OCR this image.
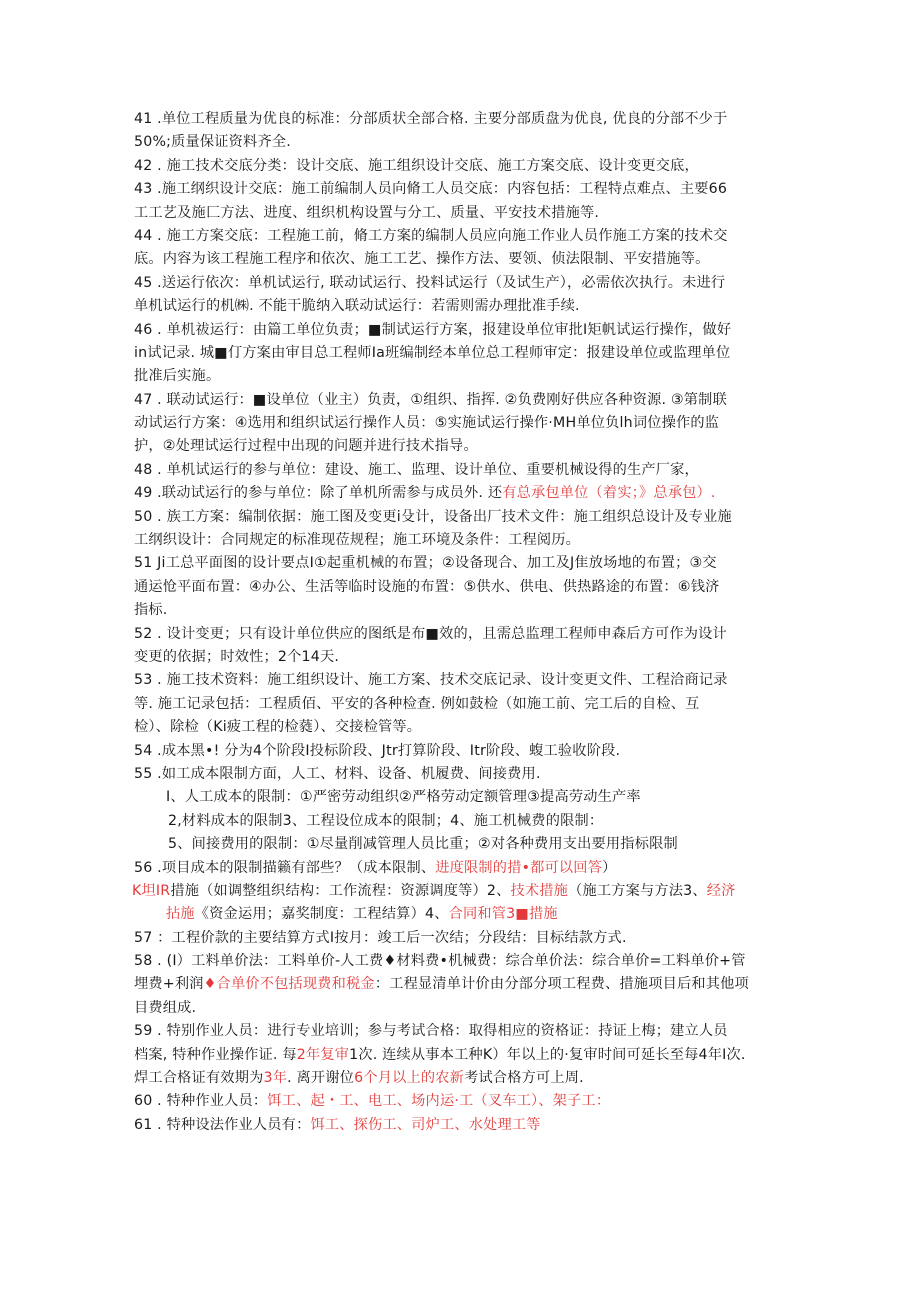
41 .单位工程质量为优良的标准：分部质状全部合格. 主要分部质盘为优良, 优良的分部不少于
50%;质量保证资料齐全.
42 . 施工技术交底分类：设计交底、施工组织设计交底、施工方案交底、设计变更交底，
43 .施工纲织设计交底：施工前编制人员向脩工人员交底：内容包括：工程特点难点、主要66
工工艺及施匚方法、进度、组织机构设置与分工、质量、平安技术措施等.
44 . 施工方案交底：工程施工前，脩工方案的编制人员应向施工作业人员作施工方案的技术交
底。内容为该工程施工程序和依次、施工工艺、操作方法、要领、侦法限制、平安措施等。
45 .送运行依次：单机试运行, 联动试运行、投料试运行（及试生产），必需依次执行。未进行
单机试运行的机㈱. 不能干脆纳入联动试运行：若需则需办理批准手续.
46 . 单机祓运行：由篇工单位负责；■制试运行方案，报建设单位审批I矩帆试运行操作，做好
in试记录. 城■仃方案由审目总工程师Ia班编制经本单位总工程师审定：报建设单位或监理单位
批准后实施。
47 . 联动试运行：■设单位（业主）负责，①组织、指挥. ②负费刚好供应各种资源. ③第制联
动试运行方案：④选用和组织试运行操作人员：⑤实施试运行操作·MH单位负lh词位操作的监
护，②处理试运行过程中出现的问题并进行技术指导。
48 . 单机试运行的参与单位：建设、施工、监理、设计单位、重要机械设得的生产厂家，
49 .联动试运行的参与单位：除了单机所需参与成员外. 还有总承包单位（着实；》总承包）.
50 . 族工方案：编制依据：施工图及变更i殳计，设备出厂技术文件：施工组织总设计及专业施
工纲织设计：合同规定的标准现莅规程；施工环境及条件：工程阅历。
51 Ji工总平面图的设计要点I①起重机械的布置；②设备现合、加工及J隹放场地的布置；③交
通运怆平面布置：④办公、生活等临时设施的布置：⑤供水、供电、供热路途的布置：⑥钱济
指标.
52 . 设计变更；只有设计单位供应的图纸是布■效的，且需总监理工程师申森后方可作为设计
变更的依据；时效性；2个14天.
53 . 施工技术资料：施工组织设计、施工方案、技术交底记录、设计变更文件、工程洽商记录
等. 施工记录包括：工程质佰、平安的各种检查. 例如鼓检（如施工前、完工后的自检、互
检）、除检（Ki疲工程的检蕤）、交接检管等。
54 .成本黑•! 分为4个阶段I投标阶段、Jtr打算阶段、Itr阶段、蝮工验收阶段.
55 .如工成本限制方面，人工、材料、设备、机履费、间接费用.
I、人工成本的限制：①严密劳动组织②严格劳动定额管理③提高劳动生产率
2,材料成本的限制3、工程设位成本的限制；4、施工机械费的限制：
5、间接费用的限制：①尽量削减管理人员比重；②对各种费用支出要用指标限制
56 .项目成本的限制描籁有部些？（成本限制、进度限制的措•都可以回答）
K坦IR措施（如调整组织结构：工作流程：资源调度等）2、技术措施（施工方案与方法3、经济
拈施《资金运用；嘉奖制度：工程结算）4、合同和管3■措施
57 ：工程价款的主要结算方式I按月：竣工后一次结；分段结：目标结款方式.
58 . (I）工料单价法：工料单价-人工费♦材料费•机械费：综合单价法：综合单价=工料单价+管
埋费+利润♦合单价不包括现费和税金：工程显清单计价由分部分项工程费、措施项目后和其他项
目费组成.
59 . 特别作业人员：进行专业培训；参与考试合格：取得相应的资格证：持证上梅；建立人员
档案, 特种作业操作证. 每2年复审1次. 连续从事本工种K）年以上的·复审时间可延长至每4年I次.
焊工合格证有效期为3年. 离开谢位6个月以上的农新考试合格方可上周.
60 . 特种作业人员：饵工、起・工、电工、场内运·工（叉车工）、架子工：
61 . 特种设法作业人员有：饵工、探伤工、司炉工、水处理工等
